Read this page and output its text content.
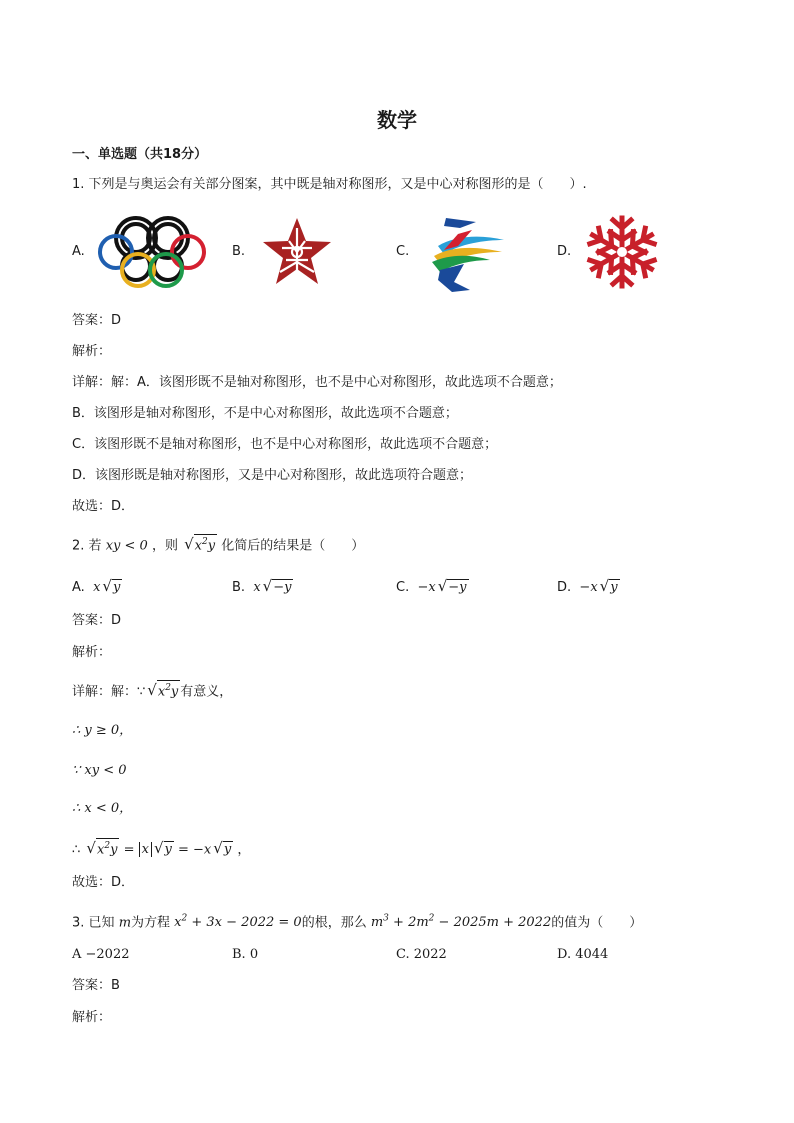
数学
一、单选题（共18分）
1. 下列是与奥运会有关部分图案，其中既是轴对称图形，又是中心对称图形的是（　　）.
A.	B.	C.	D.
答案：D
解析：
详解：解：A．该图形既不是轴对称图形，也不是中心对称图形，故此选项不合题意；
B．该图形是轴对称图形，不是中心对称图形，故此选项不合题意；
C．该图形既不是轴对称图形，也不是中心对称图形，故此选项不合题意；
D．该图形既是轴对称图形，又是中心对称图形，故此选项符合题意；
故选：D．
2. 若 xy < 0 ，则 $√x^2y$ 化简后的结果是（　　）
A. x √y	B. x √−y	C. −x √−y	D. −x √y
答案：D
解析：
详解：解：∵ $√x^2y$ 有意义，
∴ y ≥ 0，
∵ xy < 0
∴ x < 0，
∴ $√x^2y = x$ √y = −x √y ，
故选：D．
3. 已知 m为方程 $x^2 + 3x - 2022 = 0$的根，那么 $m^3 + 2m^2 - 2025m + 2022$的值为（　　）
A −2022	B. 0	C. 2022	D. 4044
答案：B
解析：
